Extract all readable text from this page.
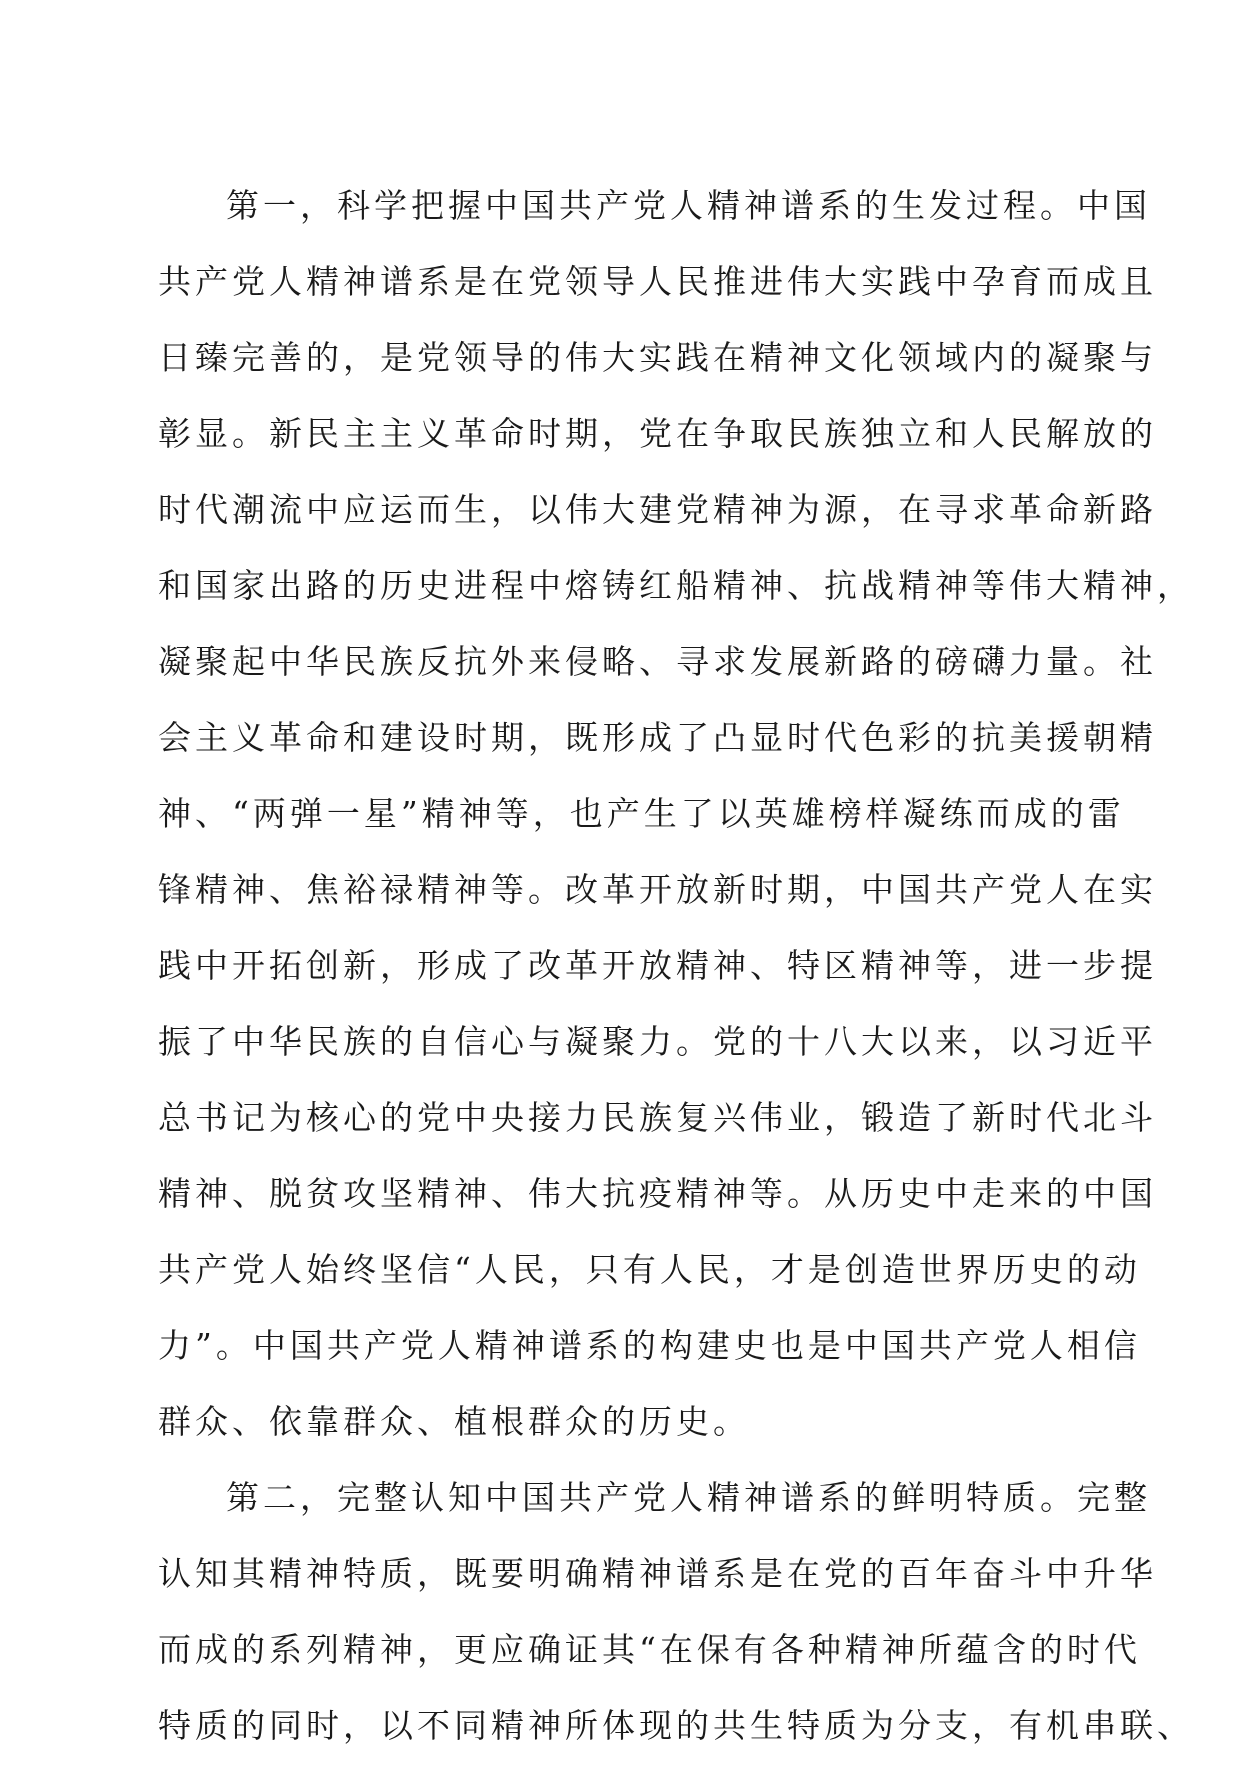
第 一 ， 科 学 把 握 中 国 共 产 党 人 精 神 谱 系 的 生 发 过 程 。 中 国
共 产 党 人 精 神 谱 系 是 在 党 领 导 人 民 推 进 伟 大 实 践 中 孕 育 而 成 且
日 臻 完 善 的 ， 是 党 领 导 的 伟 大 实 践 在 精 神 文 化 领 域 内 的 凝 聚 与
彰 显 。 新 民 主 主 义 革 命 时 期 ， 党 在 争 取 民 族 独 立 和 人 民 解 放 的
时 代 潮 流 中 应 运 而 生 ， 以 伟 大 建 党 精 神 为 源 ， 在 寻 求 革 命 新 路
和 国 家 出 路 的 历 史 进 程 中 熔 铸 红 船 精 神 、 抗 战 精 神 等 伟 大 精 神 ，
凝 聚 起 中 华 民 族 反 抗 外 来 侵 略 、 寻 求 发 展 新 路 的 磅 礴 力 量 。 社
会 主 义 革 命 和 建 设 时 期 ， 既 形 成 了 凸 显 时 代 色 彩 的 抗 美 援 朝 精
神 、 “ 两 弹 一 星 ” 精 神 等 ， 也 产 生 了 以 英 雄 榜 样 凝 练 而 成 的 雷
锋 精 神 、 焦 裕 禄 精 神 等 。 改 革 开 放 新 时 期 ， 中 国 共 产 党 人 在 实
践 中 开 拓 创 新 ， 形 成 了 改 革 开 放 精 神 、 特 区 精 神 等 ， 进 一 步 提
振 了 中 华 民 族 的 自 信 心 与 凝 聚 力 。 党 的 十 八 大 以 来 ， 以 习 近 平
总 书 记 为 核 心 的 党 中 央 接 力 民 族 复 兴 伟 业 ， 锻 造 了 新 时 代 北 斗
精 神 、 脱 贫 攻 坚 精 神 、 伟 大 抗 疫 精 神 等 。 从 历 史 中 走 来 的 中 国
共 产 党 人 始 终 坚 信 “ 人 民 ， 只 有 人 民 ， 才 是 创 造 世 界 历 史 的 动
力 ” 。 中 国 共 产 党 人 精 神 谱 系 的 构 建 史 也 是 中 国 共 产 党 人 相 信
群众、依靠群众、植根群众的历史。
第 二 ， 完 整 认 知 中 国 共 产 党 人 精 神 谱 系 的 鲜 明 特 质 。 完 整
认 知 其 精 神 特 质 ， 既 要 明 确 精 神 谱 系 是 在 党 的 百 年 奋 斗 中 升 华
而 成 的 系 列 精 神 ， 更 应 确 证 其 “ 在 保 有 各 种 精 神 所 蕴 含 的 时 代
特 质 的 同 时 ， 以 不 同 精 神 所 体 现 的 共 生 特 质 为 分 支 ， 有 机 串 联 、
